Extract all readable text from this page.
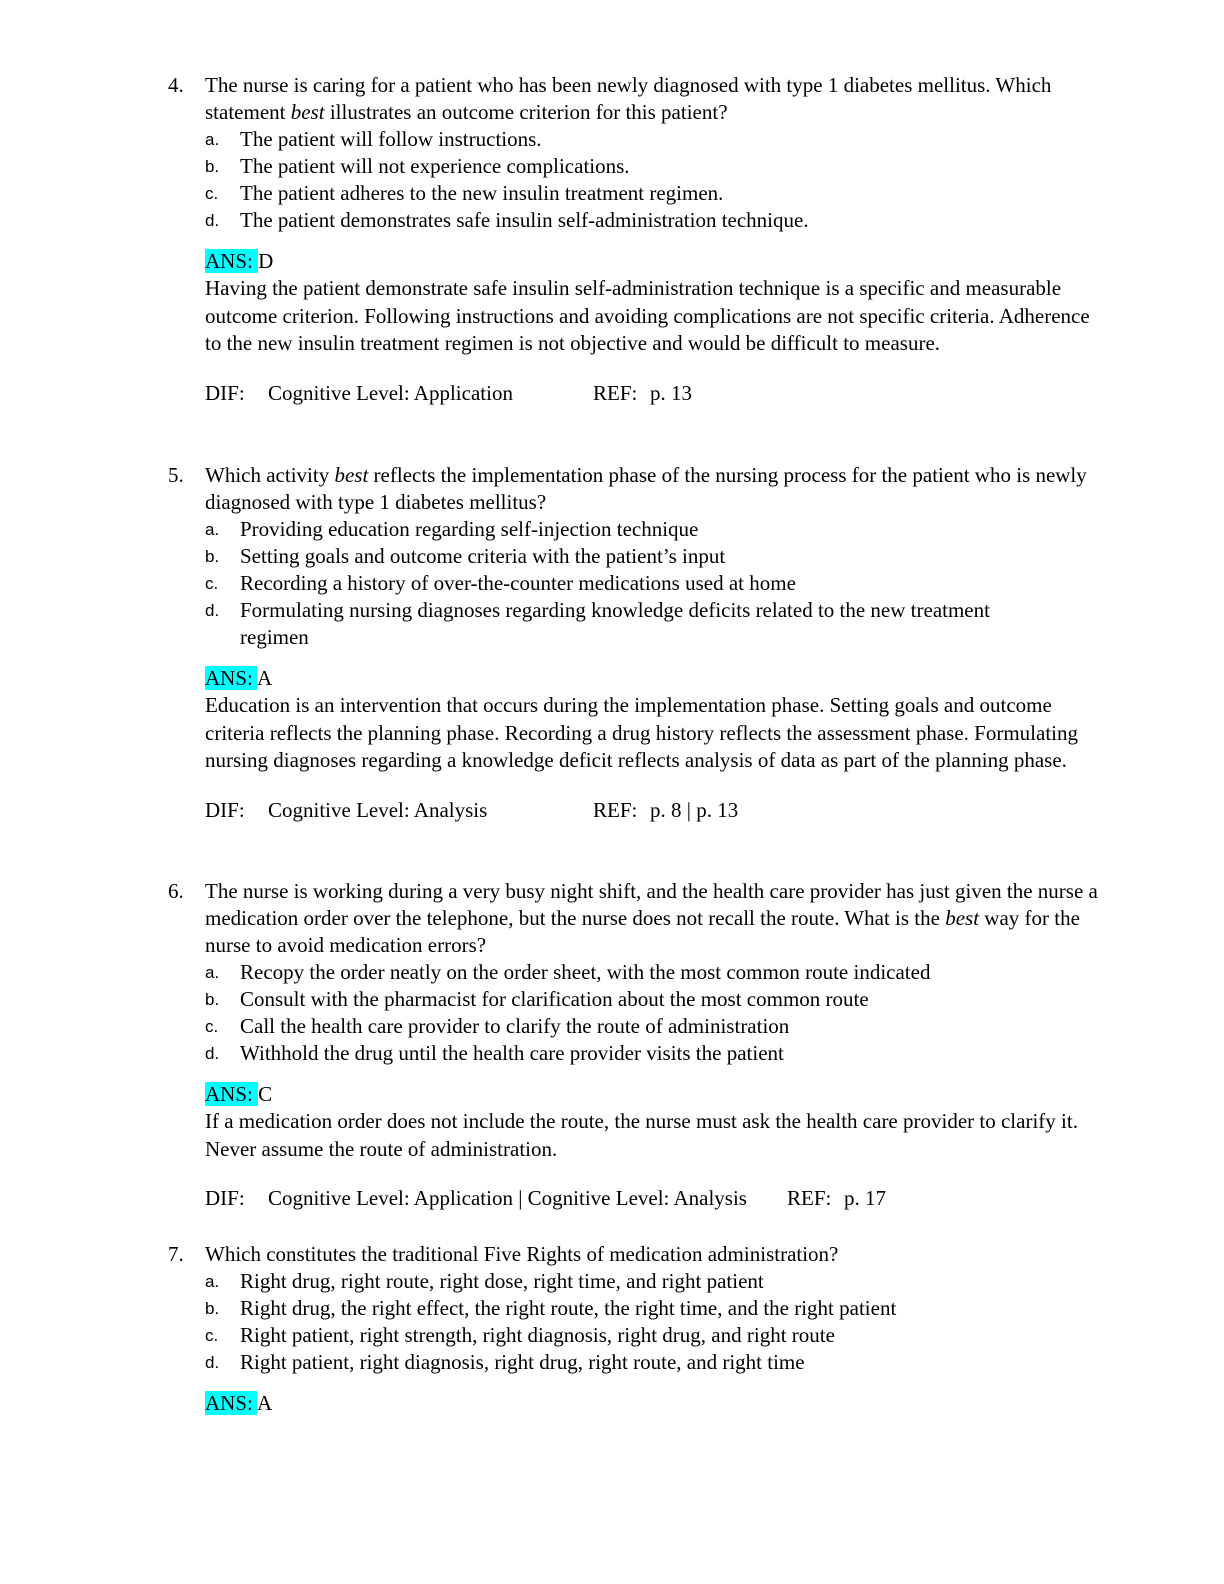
4.	The nurse is caring for a patient who has been newly diagnosed with type 1 diabetes mellitus. Which statement best illustrates an outcome criterion for this patient?
a. The patient will follow instructions.
b. The patient will not experience complications.
c. The patient adheres to the new insulin treatment regimen.
d. The patient demonstrates safe insulin self-administration technique.
ANS: D
Having the patient demonstrate safe insulin self-administration technique is a specific and measurable outcome criterion. Following instructions and avoiding complications are not specific criteria. Adherence to the new insulin treatment regimen is not objective and would be difficult to measure.
DIF: Cognitive Level: Application	REF: p. 13
5.	Which activity best reflects the implementation phase of the nursing process for the patient who is newly diagnosed with type 1 diabetes mellitus?
a. Providing education regarding self-injection technique
b. Setting goals and outcome criteria with the patient’s input
c. Recording a history of over-the-counter medications used at home
d. Formulating nursing diagnoses regarding knowledge deficits related to the new treatment regimen
ANS: A
Education is an intervention that occurs during the implementation phase. Setting goals and outcome criteria reflects the planning phase. Recording a drug history reflects the assessment phase. Formulating nursing diagnoses regarding a knowledge deficit reflects analysis of data as part of the planning phase.
DIF: Cognitive Level: Analysis	REF: p. 8 | p. 13
6.	The nurse is working during a very busy night shift, and the health care provider has just given the nurse a medication order over the telephone, but the nurse does not recall the route. What is the best way for the nurse to avoid medication errors?
a. Recopy the order neatly on the order sheet, with the most common route indicated
b. Consult with the pharmacist for clarification about the most common route
c. Call the health care provider to clarify the route of administration
d. Withhold the drug until the health care provider visits the patient
ANS: C
If a medication order does not include the route, the nurse must ask the health care provider to clarify it. Never assume the route of administration.
DIF: Cognitive Level: Application | Cognitive Level: Analysis REF: p. 17
7.	Which constitutes the traditional Five Rights of medication administration?
a. Right drug, right route, right dose, right time, and right patient
b. Right drug, the right effect, the right route, the right time, and the right patient
c. Right patient, right strength, right diagnosis, right drug, and right route
d. Right patient, right diagnosis, right drug, right route, and right time
ANS: A
